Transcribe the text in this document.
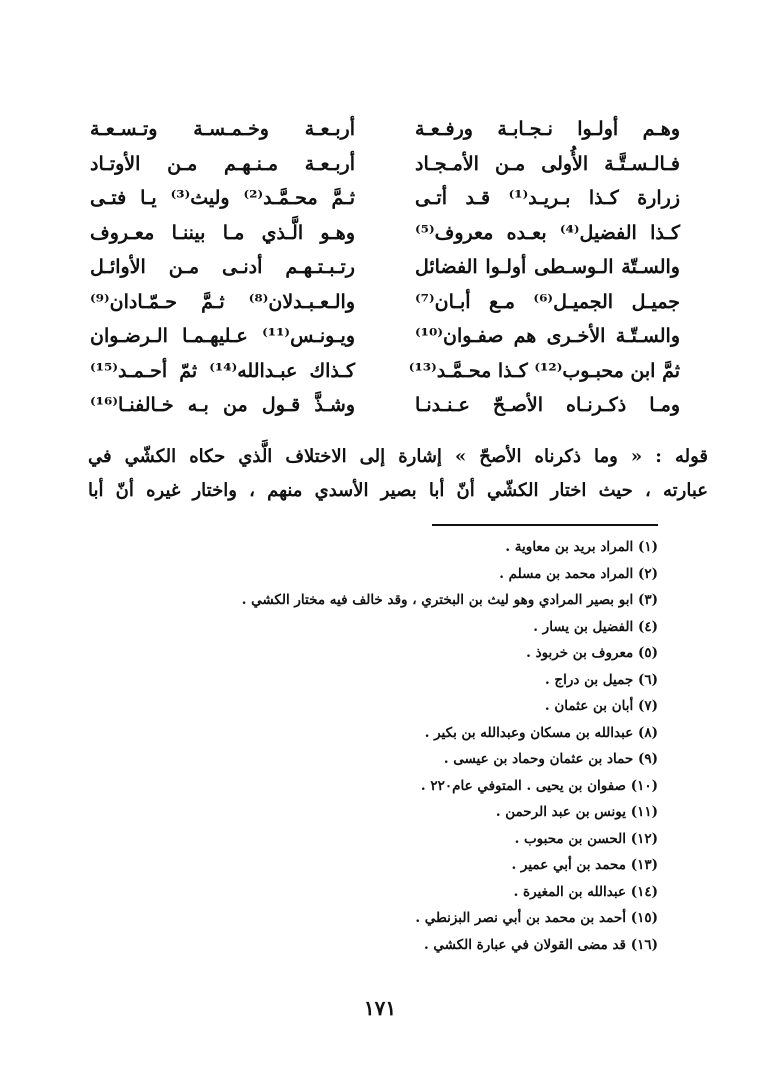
وهـم أولـوا نـجـابـة ورفـعـة
فـالـسـتَّـة الأُولى مـن الأمـجـاد
زرارة كـذا بـريـد⁽¹⁾ قـد أتـى
كـذا الفضيل⁽⁴⁾ بعـده معروف⁽⁵⁾
والسـتّة الـوسـطى أولـوا الفضائل
جميـل الجميـل⁽⁶⁾ مـع أبـان⁽⁷⁾
والسـتّـة الأخـرى هم صفـوان⁽¹⁰⁾
ثمَّ ابن محبـوب⁽¹²⁾ كـذا محـمَّـد⁽¹³⁾
ومـا ذكـرنـاه الأصـحّ عـنـدنـا
أربـعـة وخـمـسـة وتـسـعـة
أربـعـة مـنـهـم مـن الأوتـاد
ثـمَّ محـمَّـد⁽²⁾ وليث⁽³⁾ يـا فتـى
وهـو الَّـذي مـا بيننـا معـروف
رتـبـتـهـم أدنـى مـن الأوائـل
والـعـبـدلان⁽⁸⁾ ثـمَّ حـمّـادان⁽⁹⁾
ويـونـس⁽¹¹⁾ عـليهـمـا الـرضـوان
كـذاك عبـدالله⁽¹⁴⁾ ثمّ أحـمـد⁽¹⁵⁾
وشـذَّ قـول من بـه خـالفنـا⁽¹⁶⁾

قوله : « وما ذكرناه الأصحّ » إشارة إلى الاختلاف الَّذي حكاه الكشّي في

عبارته ، حيث اختار الكشّي أنّ أبا بصير الأسدي منهم ، واختار غيره أنّ أبا

(١) المراد بريد بن معاوية .
(٢) المراد محمد بن مسلم .
(٣) ابو بصير المرادي وهو ليث بن البختري ، وقد خالف فيه مختار الكشي .
(٤) الفضيل بن يسار .
(٥) معروف بن خربوذ .
(٦) جميل بن دراج .
(٧) أبان بن عثمان .
(٨) عبدالله بن مسكان وعبدالله بن بكير .
(٩) حماد بن عثمان وحماد بن عيسى .
(١٠) صفوان بن يحيى . المتوفي عام٢٢٠ .
(١١) يونس بن عبد الرحمن .
(١٢) الحسن بن محبوب .
(١٣) محمد بن أبي عمير .
(١٤) عبدالله بن المغيرة .
(١٥) أحمد بن محمد بن أبي نصر البزنطي .
(١٦) قد مضى القولان في عبارة الكشي .
١٧١
